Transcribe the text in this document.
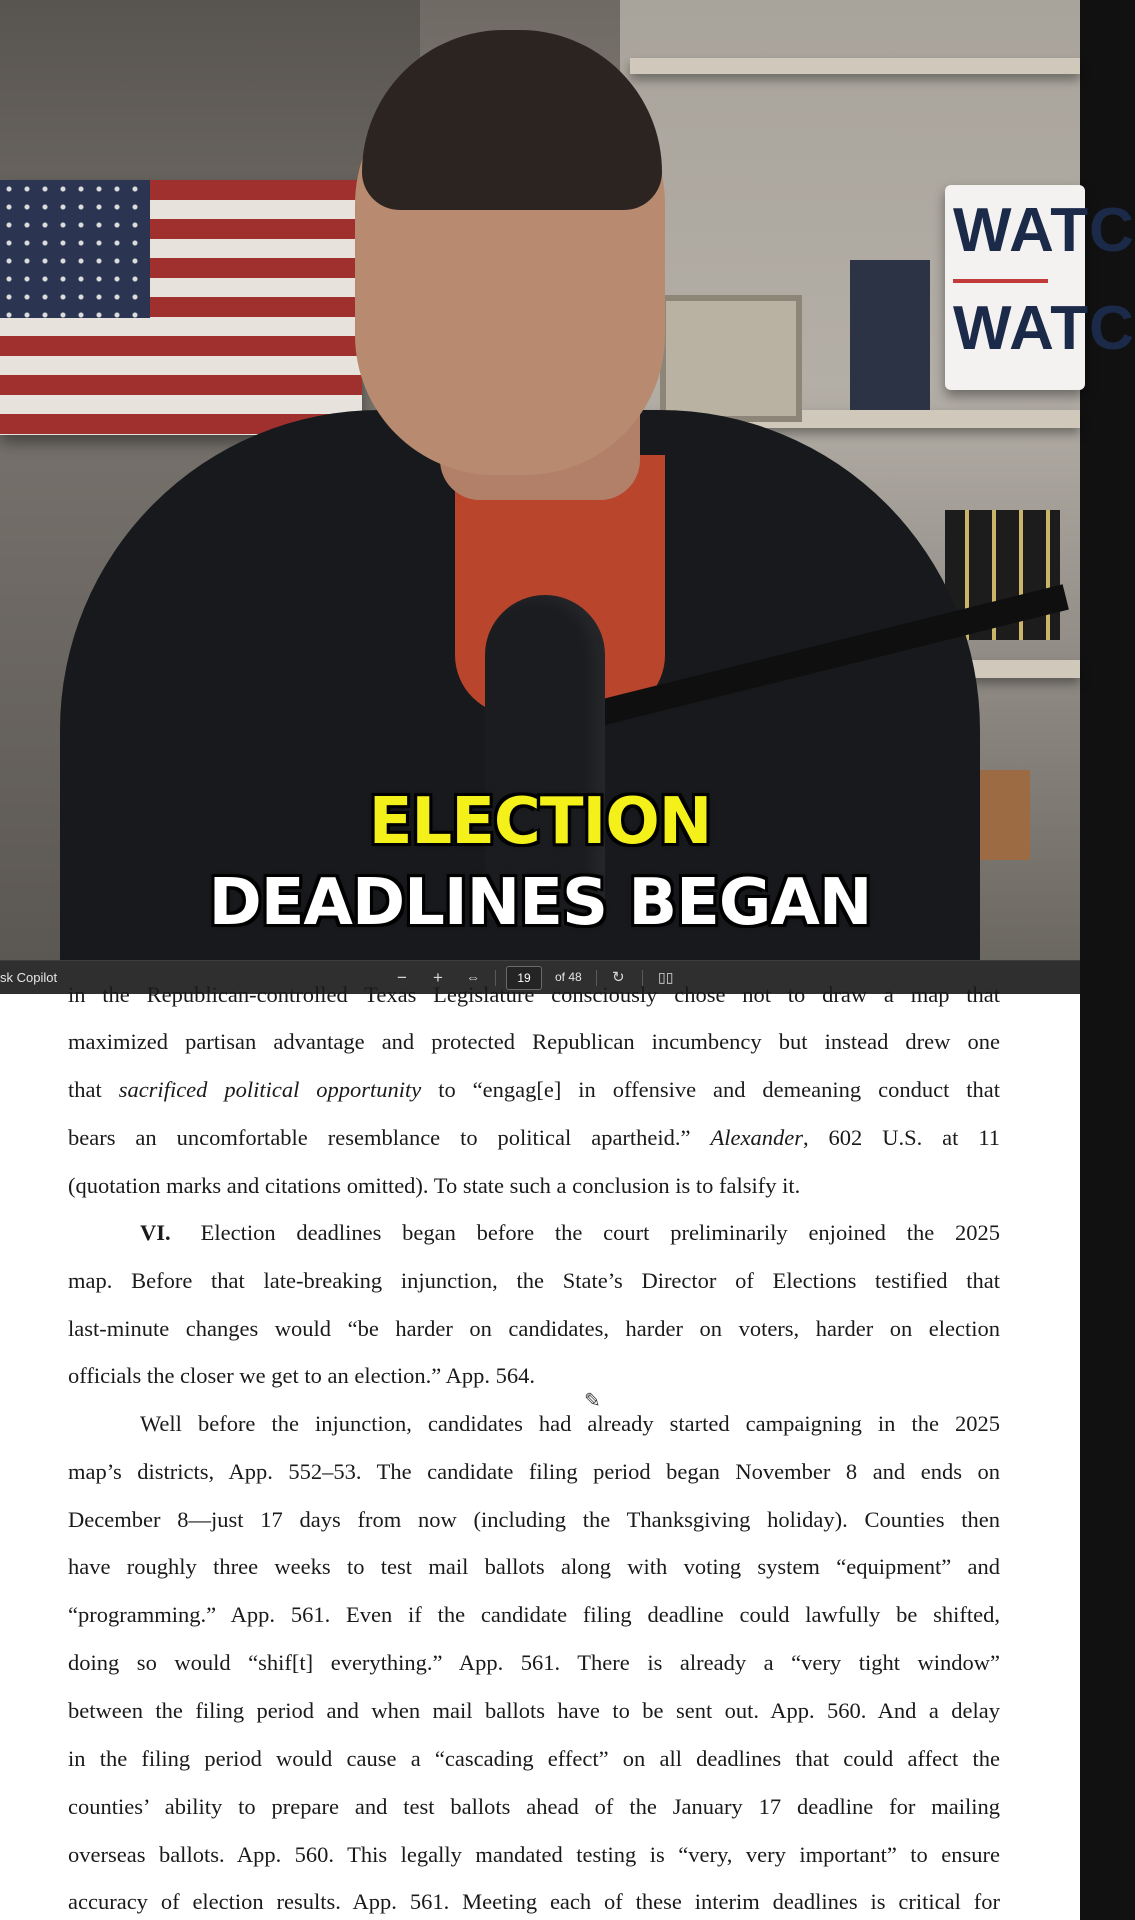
WATC
WATC
ELECTION
DEADLINES BEGAN
sk Copilot	− + ⇔	19	of 48 ↻ ▯▯
in the Republican-controlled Texas Legislature consciously chose not to draw a map that
maximized partisan advantage and protected Republican incumbency but instead drew one
that sacrificed political opportunity to “engag[e] in offensive and demeaning conduct that
bears an uncomfortable resemblance to political apartheid.” Alexander, 602 U.S. at 11
(quotation marks and citations omitted). To state such a conclusion is to falsify it.
VI. Election deadlines began before the court preliminarily enjoined the 2025
map. Before that late-breaking injunction, the State’s Director of Elections testified that
last-minute changes would “be harder on candidates, harder on voters, harder on election
officials the closer we get to an election.” App. 564.
✎
Well before the injunction, candidates had already started campaigning in the 2025
map’s districts, App. 552–53. The candidate filing period began November 8 and ends on
December 8—just 17 days from now (including the Thanksgiving holiday). Counties then
have roughly three weeks to test mail ballots along with voting system “equipment” and
“programming.” App. 561. Even if the candidate filing deadline could lawfully be shifted,
doing so would “shif[t] everything.” App. 561. There is already a “very tight window”
between the filing period and when mail ballots have to be sent out. App. 560. And a delay
in the filing period would cause a “cascading effect” on all deadlines that could affect the
counties’ ability to prepare and test ballots ahead of the January 17 deadline for mailing
overseas ballots. App. 560. This legally mandated testing is “very, very important” to ensure
accuracy of election results. App. 561. Meeting each of these interim deadlines is critical for
